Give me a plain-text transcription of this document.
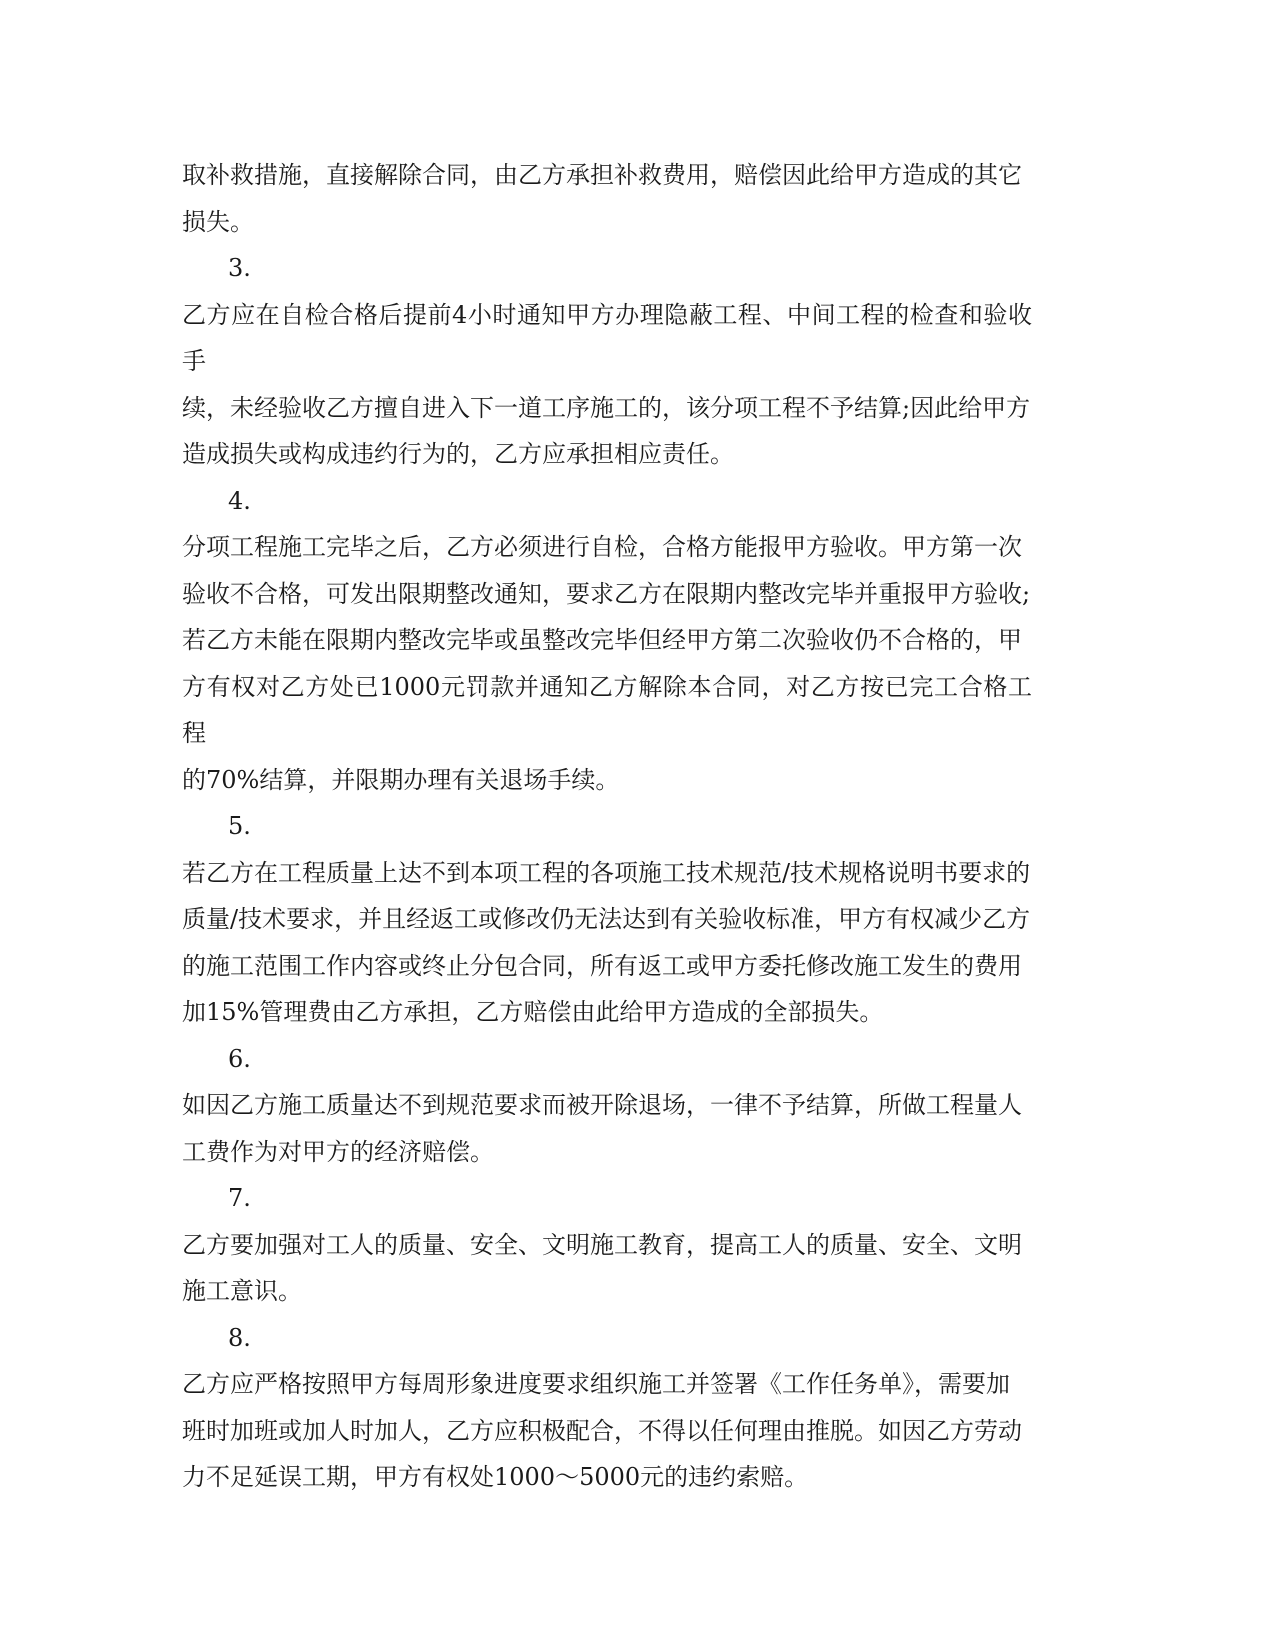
取补救措施，直接解除合同，由乙方承担补救费用，赔偿因此给甲方造成的其它
损失。

3.

乙方应在自检合格后提前4小时通知甲方办理隐蔽工程、中间工程的检查和验收手
续，未经验收乙方擅自进入下一道工序施工的，该分项工程不予结算;因此给甲方
造成损失或构成违约行为的，乙方应承担相应责任。

4.

分项工程施工完毕之后，乙方必须进行自检，合格方能报甲方验收。甲方第一次
验收不合格，可发出限期整改通知，要求乙方在限期内整改完毕并重报甲方验收;
若乙方未能在限期内整改完毕或虽整改完毕但经甲方第二次验收仍不合格的，甲
方有权对乙方处已1000元罚款并通知乙方解除本合同，对乙方按已完工合格工程
的70%结算，并限期办理有关退场手续。

5.

若乙方在工程质量上达不到本项工程的各项施工技术规范/技术规格说明书要求的
质量/技术要求，并且经返工或修改仍无法达到有关验收标准，甲方有权减少乙方
的施工范围工作内容或终止分包合同，所有返工或甲方委托修改施工发生的费用
加15%管理费由乙方承担，乙方赔偿由此给甲方造成的全部损失。

6.

如因乙方施工质量达不到规范要求而被开除退场，一律不予结算，所做工程量人
工费作为对甲方的经济赔偿。

7.

乙方要加强对工人的质量、安全、文明施工教育，提高工人的质量、安全、文明
施工意识。

8.

乙方应严格按照甲方每周形象进度要求组织施工并签署《工作任务单》，需要加
班时加班或加人时加人，乙方应积极配合，不得以任何理由推脱。如因乙方劳动
力不足延误工期，甲方有权处1000～5000元的违约索赔。
